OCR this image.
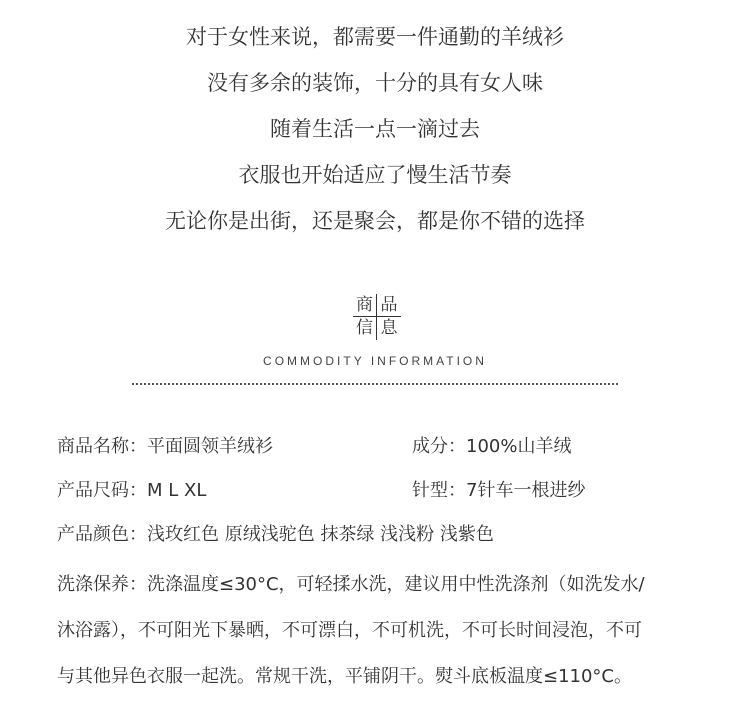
对于女性来说，都需要一件通勤的羊绒衫
没有多余的装饰，十分的具有女人味
随着生活一点一滴过去
衣服也开始适应了慢生活节奏
无论你是出街，还是聚会，都是你不错的选择
商 品
信 息
COMMODITY INFORMATION
商品名称：平面圆领羊绒衫	成分：100%山羊绒
产品尺码：M L XL	针型：7针车一根进纱
产品颜色：浅玫红色 原绒浅驼色 抹茶绿 浅浅粉 浅紫色
洗涤保养：洗涤温度≤30°C，可轻揉水洗，建议用中性洗涤剂（如洗发水/
沐浴露），不可阳光下暴晒，不可漂白，不可机洗，不可长时间浸泡，不可
与其他异色衣服一起洗。常规干洗，平铺阴干。熨斗底板温度≤110°C。
